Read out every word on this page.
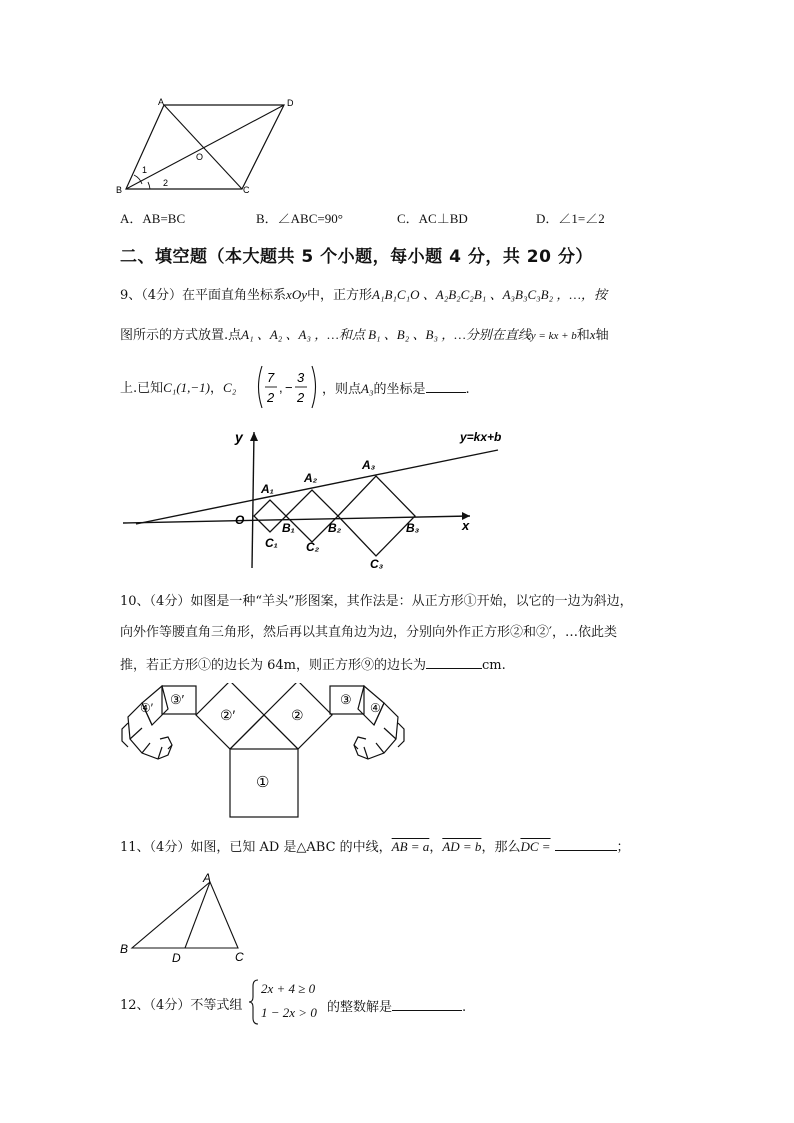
A	D
O
B	C
1
2
A．AB=BC	B．∠ABC=90°	C．AC⊥BD	D．∠1=∠2
二、填空题（本大题共 5 个小题，每小题 4 分，共 20 分）
9、（4分）在平面直角坐标系xOy中，正方形A₁B₁C₁O 、A₂B₂C₂B₁ 、A₃B₃C₃B₂ ，…，按
图所示的方式放置.点A₁ 、A₂ 、A₃ ，…和点 B₁ 、B₂ 、B₃ ，…分别在直线y = kx + b和x轴
上.已知C₁(1,−1)，C₂
7
2
, −
3
2
，则点A₃的坐标是	.
y
x
y=kx+b
O
A₁
A₂
A₃
B₁	B₂	B₃
C₁ C₂
C₃
10、（4分）如图是一种“羊头”形图案，其作法是：从正方形①开始，以它的一边为斜边，
向外作等腰直角三角形，然后再以其直角边为边，分别向外作正方形②和②′，…依此类
推，若正方形①的边长为 64m，则正方形⑨的边长为	cm.
①
②
②′
③
③′
④
④′
11、（4分）如图，已知 AD 是△ABC 的中线，AB = a，AD = b，那么DC =	；
A
B
C
D
12、（4分）不等式组
2x + 4 ≥ 0
1 − 2x > 0 的整数解是	.
